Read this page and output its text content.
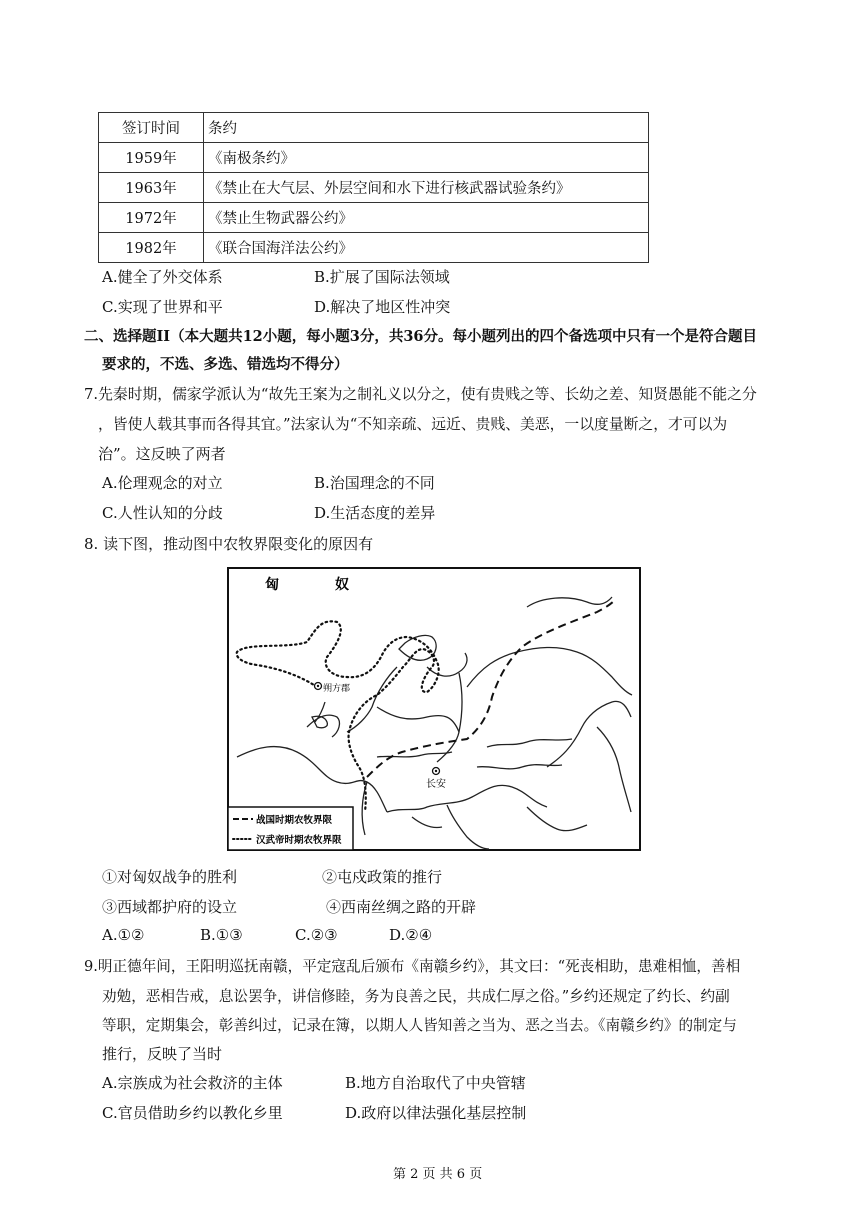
签订时间	条约
1959年	《南极条约》
1963年	《禁止在大气层、外层空间和水下进行核武器试验条约》
1972年	《禁止生物武器公约》
1982年	《联合国海洋法公约》
A.健全了外交体系	B.扩展了国际法领域
C.实现了世界和平	D.解决了地区性冲突
二、选择题II（本大题共12小题，每小题3分，共36分。每小题列出的四个备选项中只有一个是符合题目
要求的，不选、多选、错选均不得分）
7.先秦时期，儒家学派认为“故先王案为之制礼义以分之，使有贵贱之等、长幼之差、知贤愚能不能之分
，皆使人载其事而各得其宜。”法家认为“不知亲疏、远近、贵贱、美恶，一以度量断之，才可以为
治”。这反映了两者
A.伦理观念的对立	B.治国理念的不同
C.人性认知的分歧	D.生活态度的差异
8. 读下图，推动图中农牧界限变化的原因有
朔方郡
长安
匈	奴
战国时期农牧界限
汉武帝时期农牧界限
①对匈奴战争的胜利	②屯戍政策的推行
③西域都护府的设立	④西南丝绸之路的开辟
A.①②	B.①③	C.②③	D.②④
9.明正德年间，王阳明巡抚南赣，平定寇乱后颁布《南赣乡约》，其文曰：“死丧相助，患难相恤，善相
劝勉，恶相告戒，息讼罢争，讲信修睦，务为良善之民，共成仁厚之俗。”乡约还规定了约长、约副
等职，定期集会，彰善纠过，记录在簿，以期人人皆知善之当为、恶之当去。《南赣乡约》的制定与
推行，反映了当时
A.宗族成为社会救济的主体	B.地方自治取代了中央管辖
C.官员借助乡约以教化乡里	D.政府以律法强化基层控制
第 2 页 共 6 页
